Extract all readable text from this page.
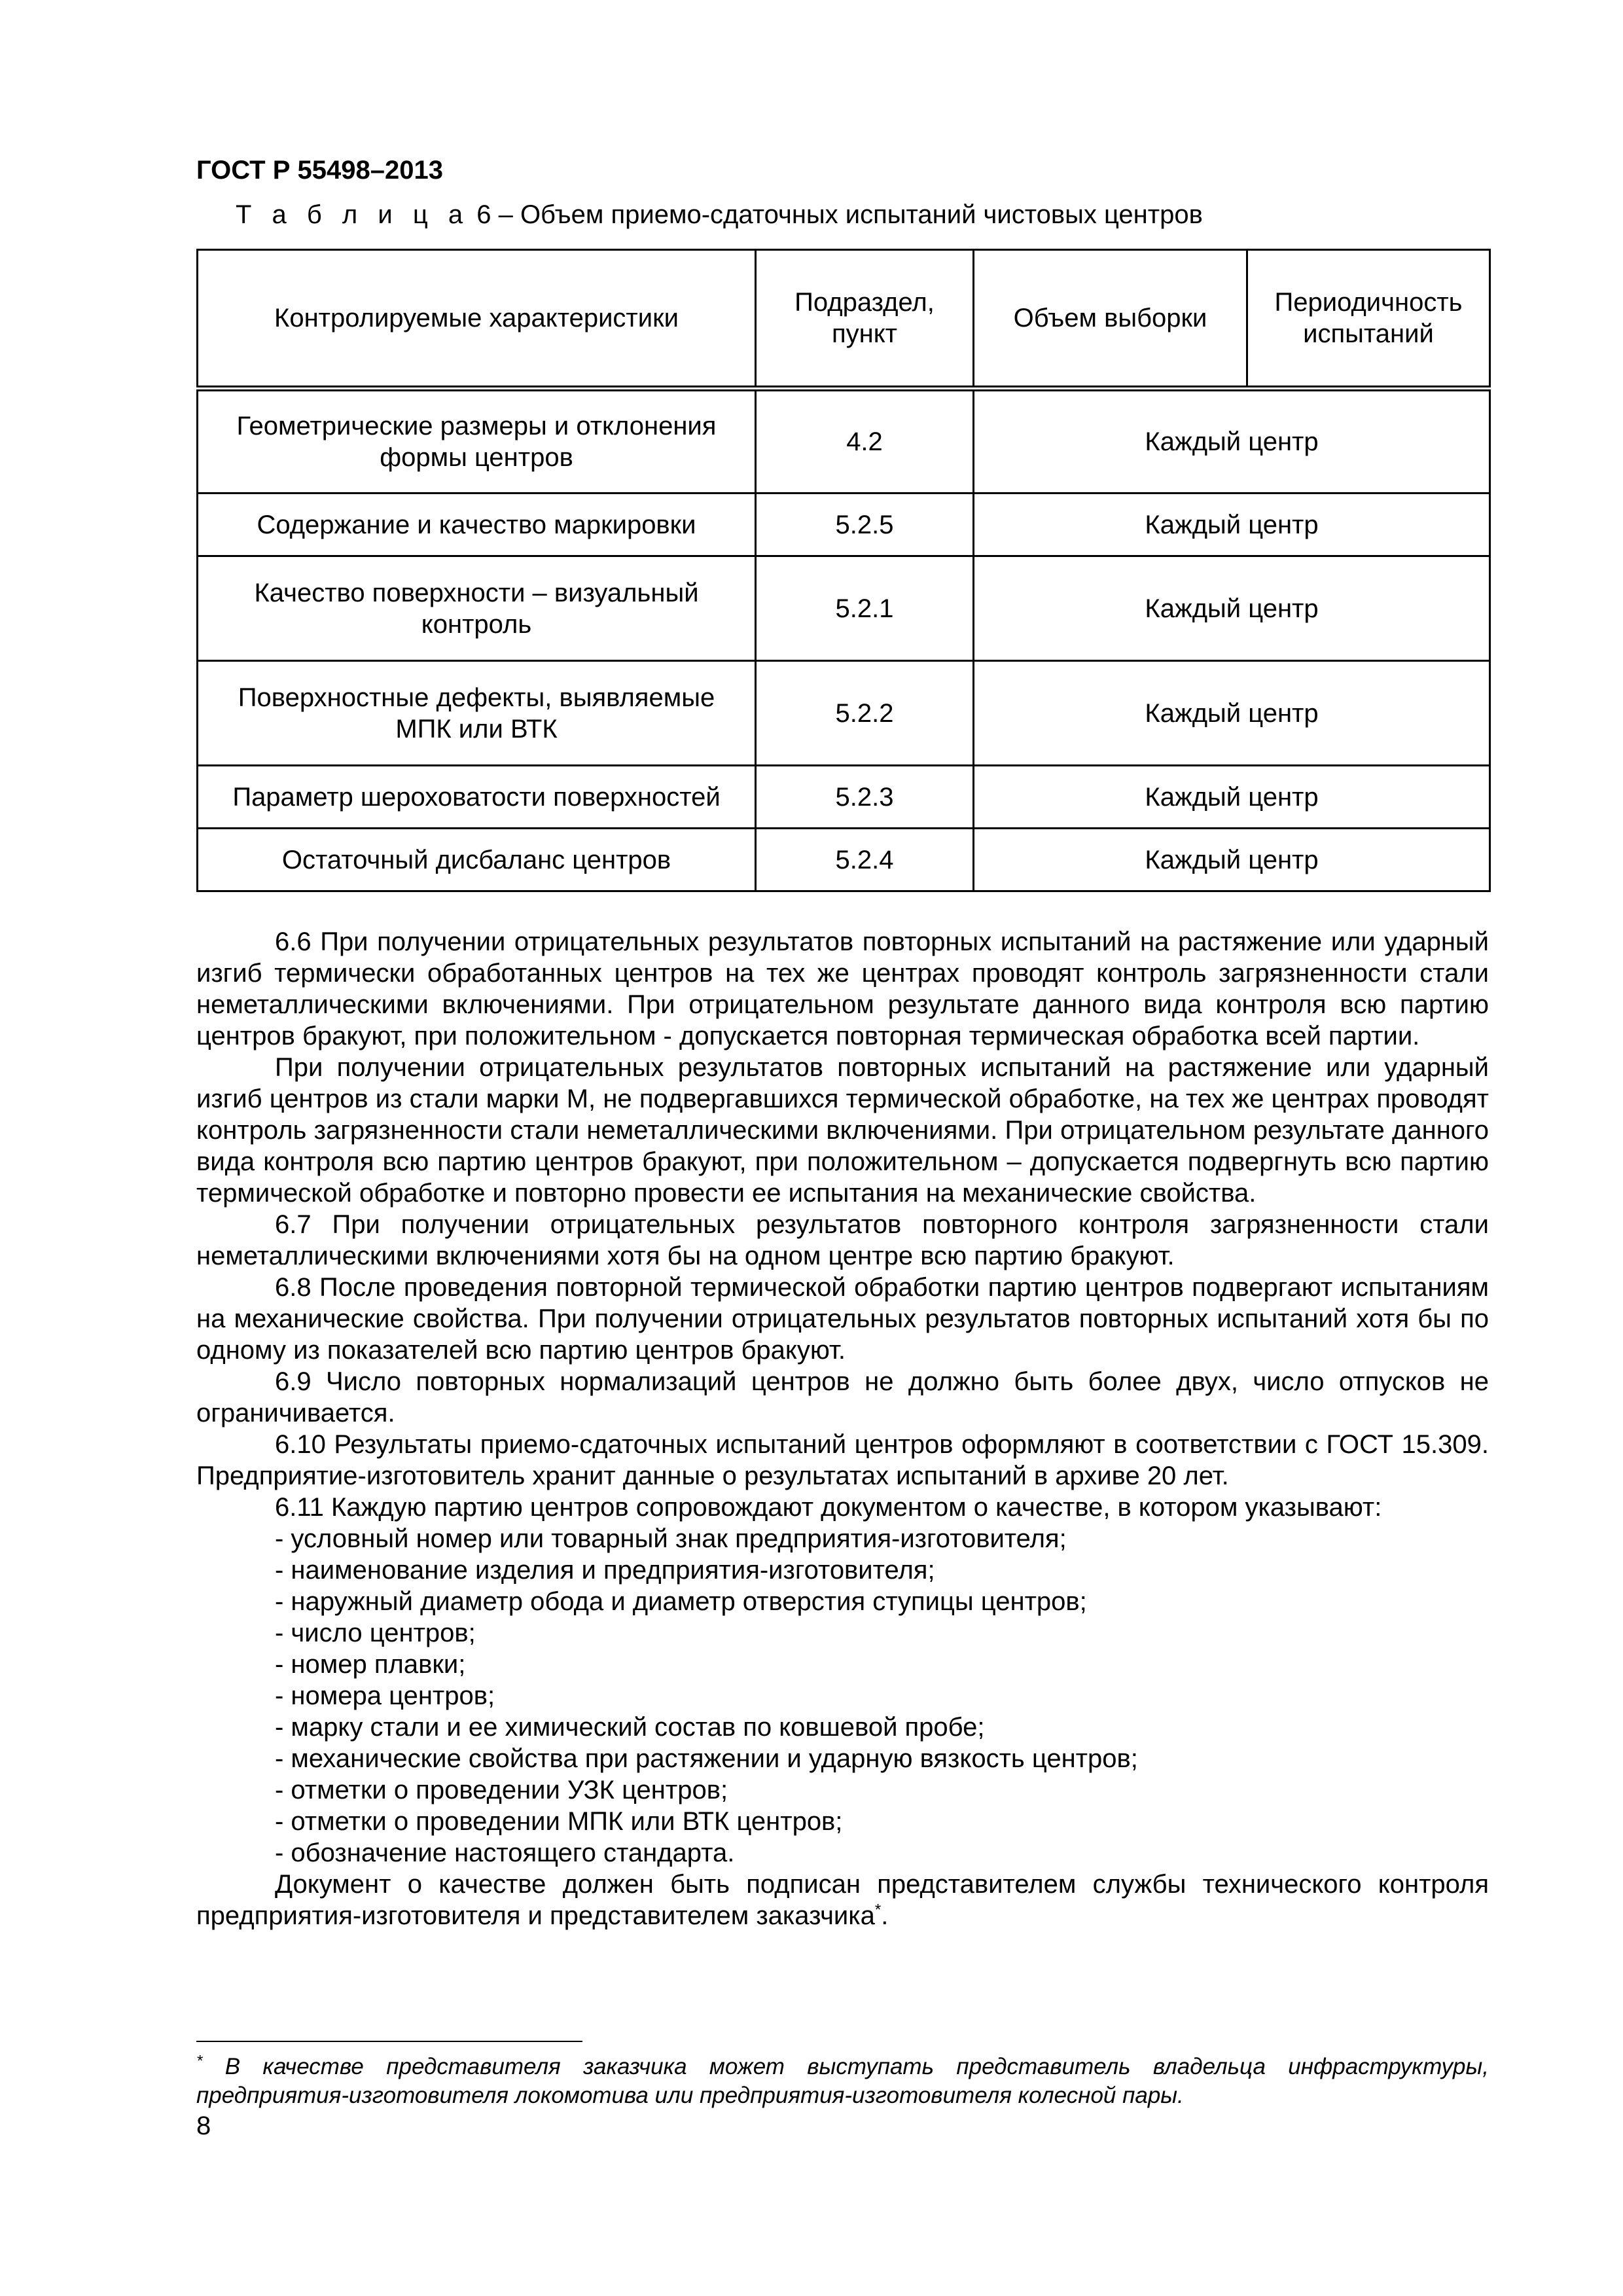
ГОСТ Р 55498–2013
Т а б л и ц а 6 – Объем приемо-сдаточных испытаний чистовых центров
Контролируемые характеристики	Подраздел, пункт	Объем выборки	Периодичность испытаний
Геометрические размеры и отклонения формы центров	4.2	Каждый центр	
Содержание и качество маркировки	5.2.5	Каждый центр	
Качество поверхности – визуальный контроль	5.2.1	Каждый центр	
Поверхностные дефекты, выявляемые МПК или ВТК	5.2.2	Каждый центр	
Параметр шероховатости поверхностей	5.2.3	Каждый центр	
Остаточный дисбаланс центров	5.2.4	Каждый центр	

6.6 При получении отрицательных результатов повторных испытаний на растяжение или ударный изгиб термически обработанных центров на тех же центрах проводят контроль загрязненности стали неметаллическими включениями. При отрицательном результате данного вида контроля всю партию центров бракуют, при положительном - допускается повторная термическая обработка всей партии.

При получении отрицательных результатов повторных испытаний на растяжение или ударный изгиб центров из стали марки М, не подвергавшихся термической обработке, на тех же центрах проводят контроль загрязненности стали неметаллическими включениями. При отрицательном результате данного вида контроля всю партию центров бракуют, при положительном – допускается подвергнуть всю партию термической обработке и повторно провести ее испытания на механические свойства.

6.7 При получении отрицательных результатов повторного контроля загрязненности стали неметаллическими включениями хотя бы на одном центре всю партию бракуют.

6.8 После проведения повторной термической обработки партию центров подвергают испытаниям на механические свойства. При получении отрицательных результатов повторных испытаний хотя бы по одному из показателей всю партию центров бракуют.

6.9 Число повторных нормализаций центров не должно быть более двух, число отпусков не ограничивается.

6.10 Результаты приемо-сдаточных испытаний центров оформляют в соответствии с ГОСТ 15.309. Предприятие-изготовитель хранит данные о результатах испытаний в архиве 20 лет.

6.11 Каждую партию центров сопровождают документом о качестве, в котором указывают:

- условный номер или товарный знак предприятия-изготовителя;
- наименование изделия и предприятия-изготовителя;
- наружный диаметр обода и диаметр отверстия ступицы центров;
- число центров;
- номер плавки;
- номера центров;
- марку стали и ее химический состав по ковшевой пробе;
- механические свойства при растяжении и ударную вязкость центров;
- отметки о проведении УЗК центров;
- отметки о проведении МПК или ВТК центров;
- обозначение настоящего стандарта.

Документ о качестве должен быть подписан представителем службы технического контроля предприятия-изготовителя и представителем заказчика*.

* В качестве представителя заказчика может выступать представитель владельца инфраструктуры, предприятия-изготовителя локомотива или предприятия-изготовителя колесной пары.
8
